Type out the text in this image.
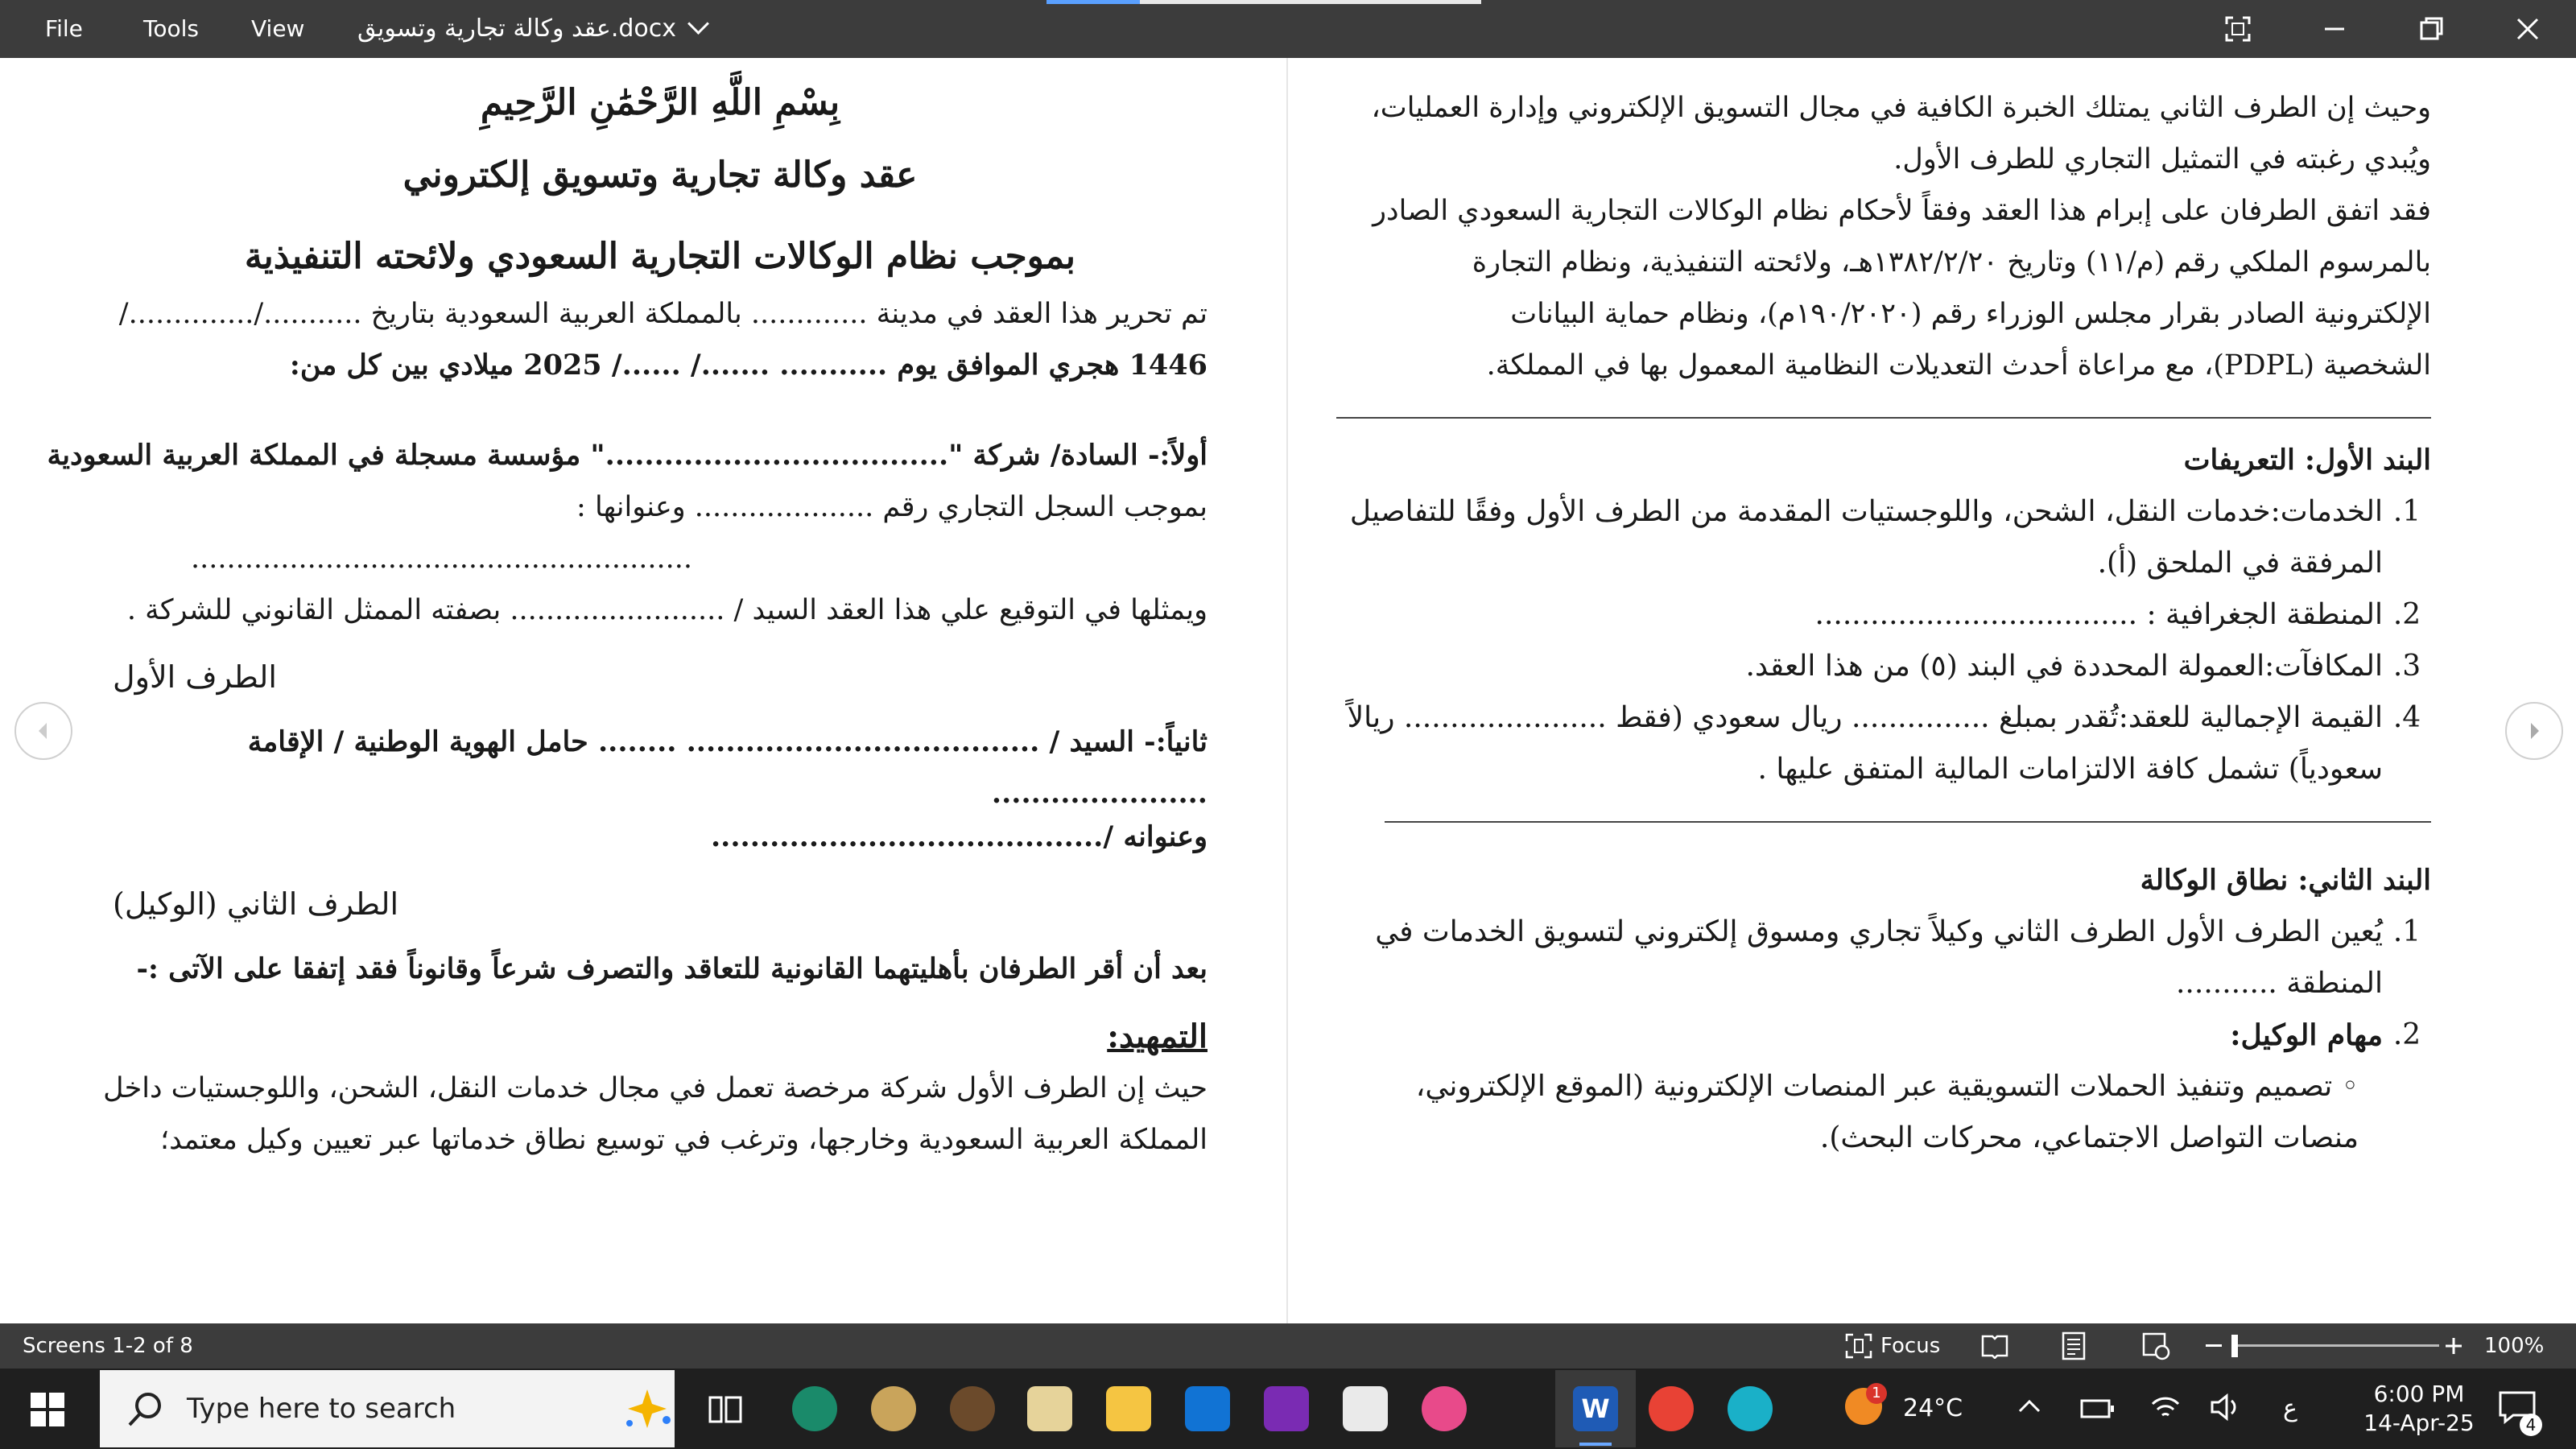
File	Tools View عقد وكالة تجارية وتسويق.docx

بِسْمِ اللَّهِ الرَّحْمَٰنِ الرَّحِيمِ

عقد وكالة تجارية وتسويق إلكتروني

بموجب نظام الوكالات التجارية السعودي ولائحته التنفيذية

تم تحرير هذا العقد في مدينة ............. بالمملكة العربية السعودية بتاريخ .........../............../

1446 هجري الموافق يوم ........... ......./ ....../ 2025 ميلادي بين كل من:

أولاً:- السادة/ شركة "..................................." مؤسسة مسجلة في المملكة العربية السعودية

بموجب السجل التجاري رقم .................... وعنوانها :

........................................................

ويمثلها في التوقيع علي هذا العقد السيد / ........................ بصفته الممثل القانوني للشركة .

الطرف الأول

ثانياً:- السيد / .................................... ........ حامل الهوية الوطنية / الإقامة

......................

وعنوانه /........................................

الطرف الثاني (الوكيل)

بعد أن أقر الطرفان بأهليتهما القانونية للتعاقد والتصرف شرعاً وقانوناً فقد إتفقا على الآتى :-

التمهيد:

حيث إن الطرف الأول شركة مرخصة تعمل في مجال خدمات النقل، الشحن، واللوجستيات داخل

المملكة العربية السعودية وخارجها، وترغب في توسيع نطاق خدماتها عبر تعيين وكيل معتمد؛

وحيث إن الطرف الثاني يمتلك الخبرة الكافية في مجال التسويق الإلكتروني وإدارة العمليات،

ويُبدي رغبته في التمثيل التجاري للطرف الأول.

فقد اتفق الطرفان على إبرام هذا العقد وفقاً لأحكام نظام الوكالات التجارية السعودي الصادر

بالمرسوم الملكي رقم (م/١١) وتاريخ ١٣٨٢/٢/٢٠هـ، ولائحته التنفيذية، ونظام التجارة

الإلكترونية الصادر بقرار مجلس الوزراء رقم (١٩٠/٢٠٢٠م)، ونظام حماية البيانات

الشخصية (PDPL)، مع مراعاة أحدث التعديلات النظامية المعمول بها في المملكة.

البند الأول: التعريفات

1.
الخدمات:خدمات النقل، الشحن، واللوجستيات المقدمة من الطرف الأول وفقًا للتفاصيل المرفقة في الملحق (أ).
2.
المنطقة الجغرافية : ...................................
3.
المكافآت:العمولة المحددة في البند (٥) من هذا العقد.
4.
القيمة الإجمالية للعقد:تُقدر بمبلغ ............... ريال سعودي (فقط ...................... ريالاً سعودياً) تشمل كافة الالتزامات المالية المتفق عليها .

البند الثاني: نطاق الوكالة

1.
يُعين الطرف الأول الطرف الثاني وكيلاً تجاري ومسوق إلكتروني لتسويق الخدمات في المنطقة ...........
2.
مهام الوكيل:

◦ تصميم وتنفيذ الحملات التسويقية عبر المنصات الإلكترونية (الموقع الإلكتروني، منصات التواصل الاجتماعي، محركات البحث).

Screens 1-2 of 8	Focus	100%
Type here to search	W
1
24°C	ع
6:00 PM
14-Apr-25	4
